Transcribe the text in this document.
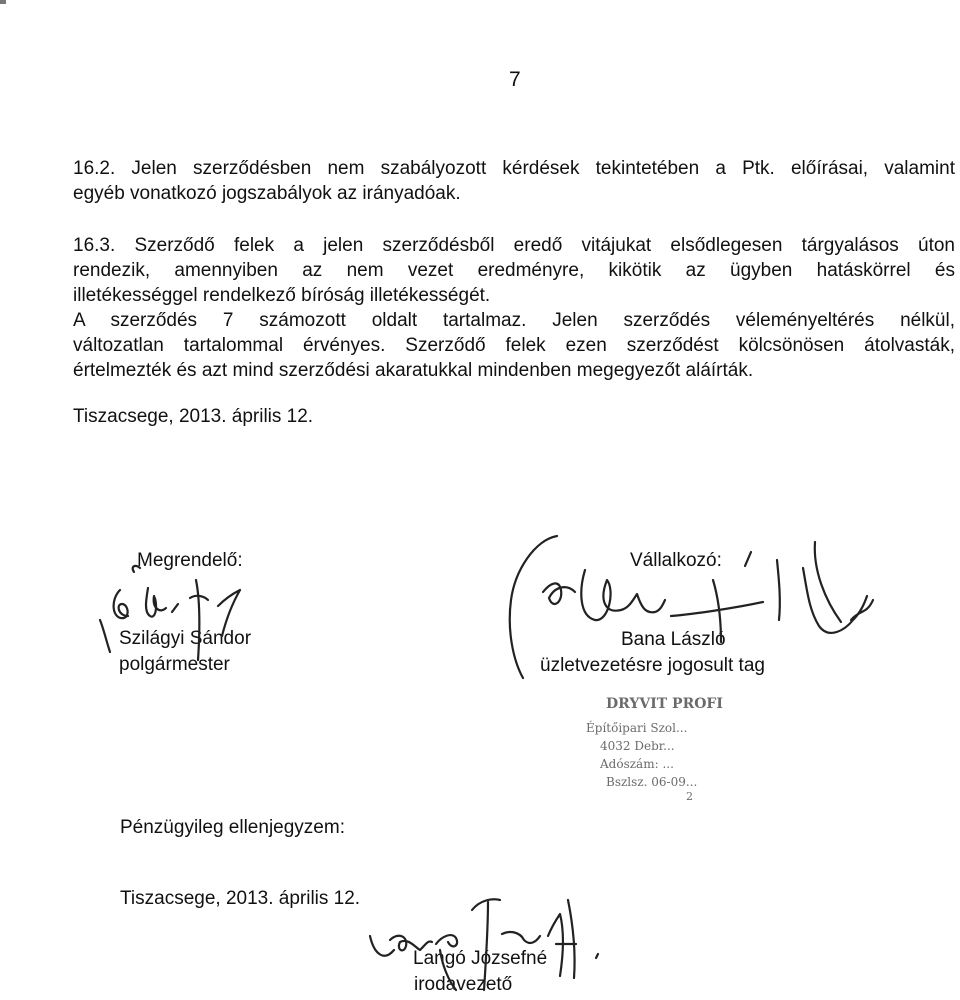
7

16.2. Jelen szerződésben nem szabályozott kérdések tekintetében a Ptk. előírásai, valamint
egyéb vonatkozó jogszabályok az irányadóak.

16.3. Szerződő felek a jelen szerződésből eredő vitájukat elsődlegesen tárgyalásos úton
rendezik, amennyiben az nem vezet eredményre, kikötik az ügyben hatáskörrel és
illetékességgel rendelkező bíróság illetékességét.
A szerződés 7 számozott oldalt tartalmaz. Jelen szerződés véleményeltérés nélkül,
változatlan tartalommal érvényes. Szerződő felek ezen szerződést kölcsönösen átolvasták,
értelmezték és azt mind szerződési akaratukkal mindenben megegyezőt aláírták.

Tiszacsege, 2013. április 12.
Megrendelő:
Szilágyi Sándor
polgármester
Vállalkozó:
Bana László
üzletvezetésre jogosult tag
DRYVIT PROFI
Építőipari Szol...
4032 Debr...
Adószám: ...
Bszlsz. 06-09...
2
Pénzügyileg ellenjegyzem:
Tiszacsege, 2013. április 12.
Langó Józsefné
irodavezető
